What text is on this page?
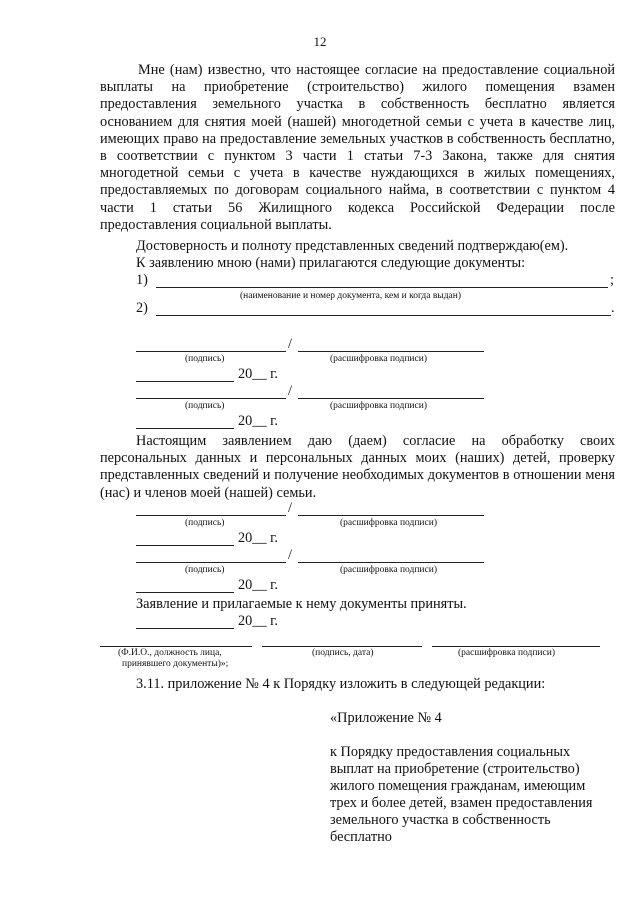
12
Мне (нам) известно, что настоящее согласие на предоставление социальной выплаты на приобретение (строительство) жилого помещения взамен предоставления земельного участка в собственность бесплатно является основанием для снятия моей (нашей) многодетной семьи с учета в качестве лиц, имеющих право на предоставление земельных участков в собственность бесплатно, в соответствии с пунктом 3 части 1 статьи 7-3 Закона, также для снятия многодетной семьи с учета в качестве нуждающихся в жилых помещениях, предоставляемых по договорам социального найма, в соответствии с пунктом 4 части 1 статьи 56 Жилищного кодекса Российской Федерации после предоставления социальной выплаты.
Достоверность и полноту представленных сведений подтверждаю(ем).
К заявлению мною (нами) прилагаются следующие документы:
1)	;
(наименование и номер документа, кем и когда выдан)
2)	.
/
(подпись)	(расшифровка подписи)
20__ г.
/
(подпись)	(расшифровка подписи)
20__ г.
Настоящим заявлением даю (даем) согласие на обработку своих персональных данных и персональных данных моих (наших) детей, проверку представленных сведений и получение необходимых документов в отношении меня (нас) и членов моей (нашей) семьи.
/
(подпись)	(расшифровка подписи)
20__ г.
/
(подпись)	(расшифровка подписи)
20__ г.
Заявление и прилагаемые к нему документы приняты.
20__ г.
(Ф.И.О., должность лица,
принявшего документы)»;
(подпись, дата)	(расшифровка подписи)
3.11. приложение № 4 к Порядку изложить в следующей редакции:
«Приложение № 4
к Порядку предоставления социальных
выплат на приобретение (строительство)
жилого помещения гражданам, имеющим
трех и более детей, взамен предоставления
земельного участка в собственность
бесплатно
